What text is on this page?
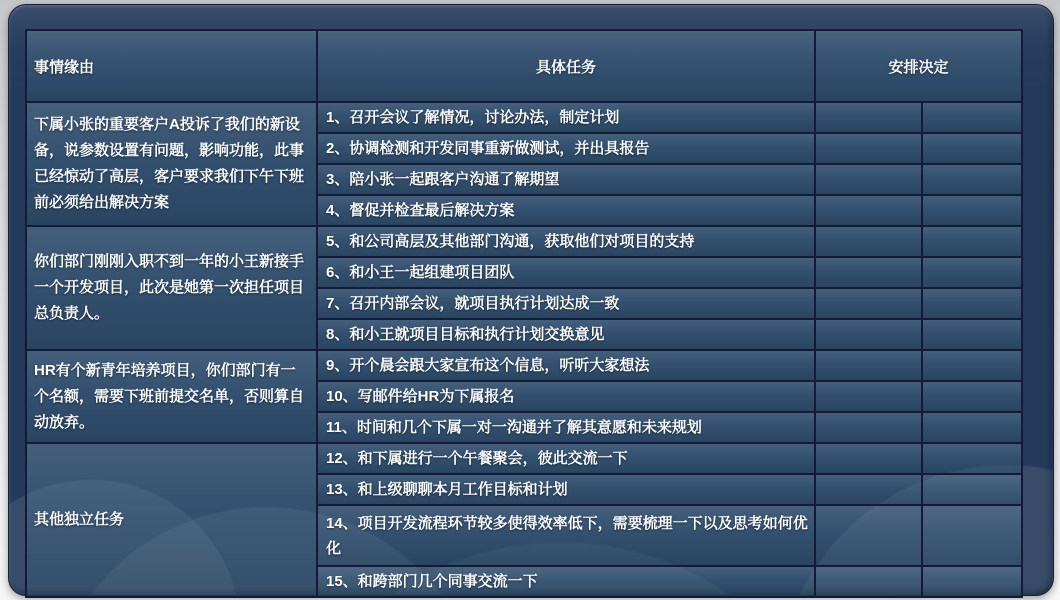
事情缘由	具体任务	安排决定	
下属小张的重要客户A投诉了我们的新设备，说参数设置有问题，影响功能，此事已经惊动了高层，客户要求我们下午下班前必须给出解决方案	1、召开会议了解情况，讨论办法，制定计划		
	2、协调检测和开发同事重新做测试，并出具报告		
	3、陪小张一起跟客户沟通了解期望		
	4、督促并检查最后解决方案		
你们部门刚刚入职不到一年的小王新接手一个开发项目，此次是她第一次担任项目总负责人。	5、和公司高层及其他部门沟通，获取他们对项目的支持		
	6、和小王一起组建项目团队		
	7、召开内部会议，就项目执行计划达成一致		
	8、和小王就项目目标和执行计划交换意见		
HR有个新青年培养项目，你们部门有一个名额，需要下班前提交名单，否则算自动放弃。	9、开个晨会跟大家宣布这个信息，听听大家想法		
	10、写邮件给HR为下属报名		
	11、时间和几个下属一对一沟通并了解其意愿和未来规划		
其他独立任务	12、和下属进行一个午餐聚会，彼此交流一下		
	13、和上级聊聊本月工作目标和计划		
	14、项目开发流程环节较多使得效率低下，需要梳理一下以及思考如何优化		
	15、和跨部门几个同事交流一下		
